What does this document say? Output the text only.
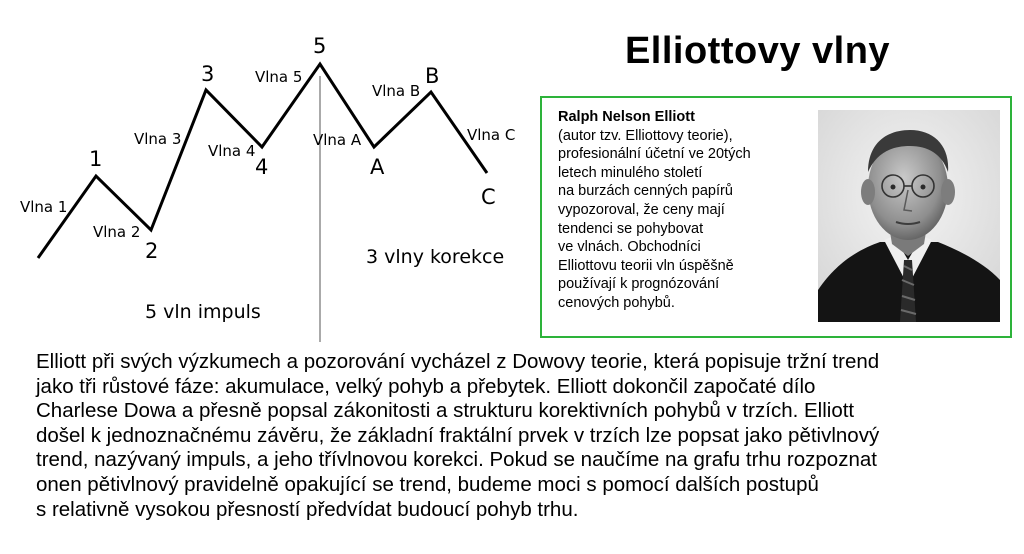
Vlna 1
Vlna 2
Vlna 3
Vlna 4
Vlna 5
Vlna A
Vlna B
Vlna C
1
2
3
4
5
A
B
C
5 vln impuls
3 vlny korekce
Elliottovy vlny
Ralph Nelson Elliott
(autor tzv. Elliottovy teorie),
profesionální účetní ve 20tých
letech minulého století
na burzách cenných papírů
vypozoroval, že ceny mají
tendenci se pohybovat
ve vlnách. Obchodníci
Elliottovu teorii vln úspěšně
používají k prognózování
cenových pohybů.
Elliott při svých výzkumech a pozorování vycházel z Dowovy teorie, která popisuje tržní trend
jako tři růstové fáze: akumulace, velký pohyb a přebytek. Elliott dokončil započaté dílo
Charlese Dowa a přesně popsal zákonitosti a strukturu korektivních pohybů v trzích. Elliott
došel k jednoznačnému závěru, že základní fraktální prvek v trzích lze popsat jako pětivlnový
trend, nazývaný impuls, a jeho třívlnovou korekci. Pokud se naučíme na grafu trhu rozpoznat
onen pětivlnový pravidelně opakující se trend, budeme moci s pomocí dalších postupů
s relativně vysokou přesností předvídat budoucí pohyb trhu.
